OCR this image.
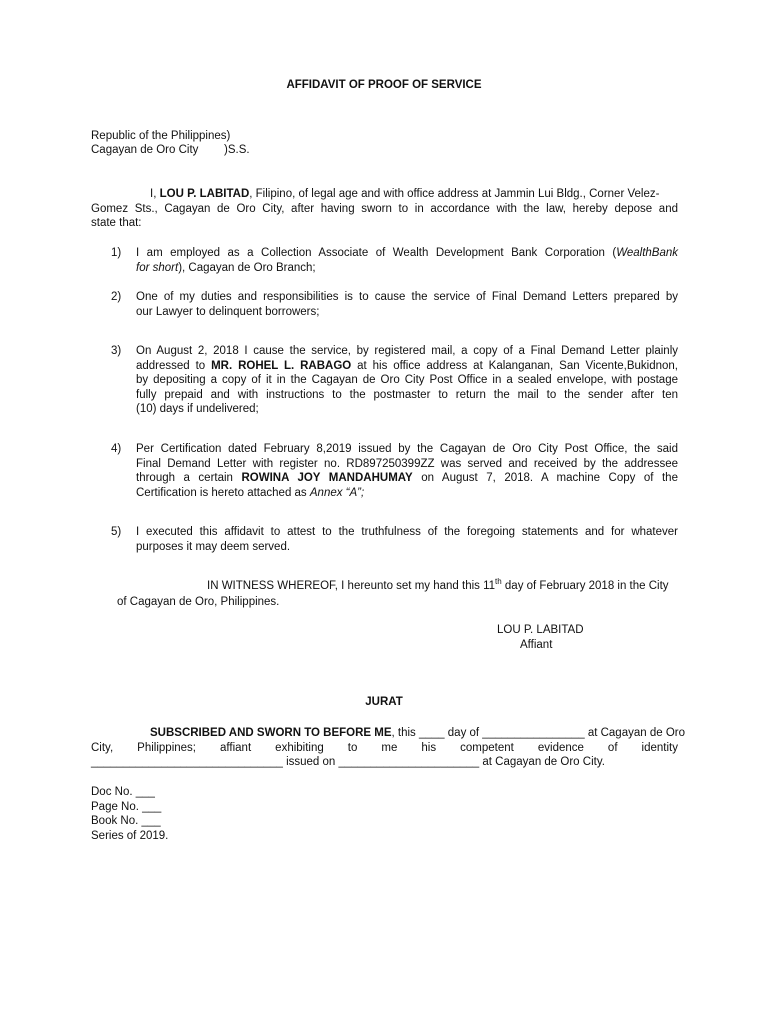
AFFIDAVIT OF PROOF OF SERVICE
Republic of the Philippines)
Cagayan de Oro City )S.S.
I, LOU P. LABITAD, Filipino, of legal age and with office address at Jammin Lui Bldg., Corner Velez-
Gomez Sts., Cagayan de Oro City, after having sworn to in accordance with the law, hereby depose and
state that:
1) I am employed as a Collection Associate of Wealth Development Bank Corporation (WealthBank
for short), Cagayan de Oro Branch;
2) One of my duties and responsibilities is to cause the service of Final Demand Letters prepared by
our Lawyer to delinquent borrowers;
3) On August 2, 2018 I cause the service, by registered mail, a copy of a Final Demand Letter plainly
addressed to MR. ROHEL L. RABAGO at his office address at Kalanganan, San Vicente,Bukidnon,
by depositing a copy of it in the Cagayan de Oro City Post Office in a sealed envelope, with postage
fully prepaid and with instructions to the postmaster to return the mail to the sender after ten
(10) days if undelivered;
4) Per Certification dated February 8,2019 issued by the Cagayan de Oro City Post Office, the said
Final Demand Letter with register no. RD897250399ZZ was served and received by the addressee
through a certain ROWINA JOY MANDAHUMAY on August 7, 2018. A machine Copy of the
Certification is hereto attached as Annex “A”;
5) I executed this affidavit to attest to the truthfulness of the foregoing statements and for whatever
purposes it may deem served.
IN WITNESS WHEREOF, I hereunto set my hand this 11th day of February 2018 in the City
of Cagayan de Oro, Philippines.
LOU P. LABITAD
Affiant
JURAT
SUBSCRIBED AND SWORN TO BEFORE ME, this ____ day of ________________ at Cagayan de Oro
City, Philippines; affiant exhibiting to me his competent evidence of identity
______________________________ issued on ______________________ at Cagayan de Oro City.
Doc No. ___
Page No. ___
Book No. ___
Series of 2019.
